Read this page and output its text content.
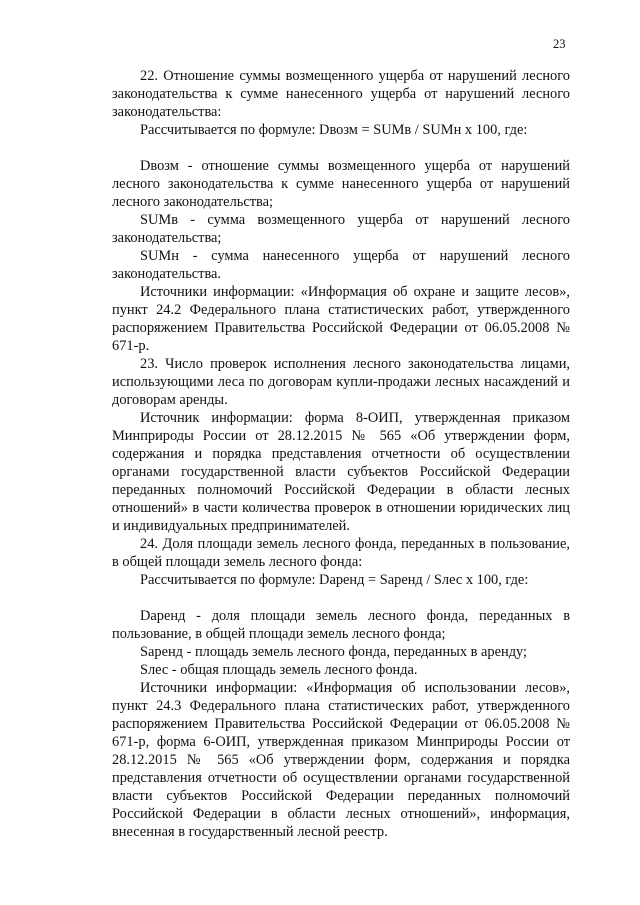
23

22. Отношение суммы возмещенного ущерба от нарушений лесного законодательства к сумме нанесенного ущерба от нарушений лесного законодательства:

Рассчитывается по формуле: Dвозм = SUMв / SUMн x 100, где:

Dвозм - отношение суммы возмещенного ущерба от нарушений лесного законодательства к сумме нанесенного ущерба от нарушений лесного законодательства;

SUMв - сумма возмещенного ущерба от нарушений лесного законодательства;

SUMн - сумма нанесенного ущерба от нарушений лесного законодательства.

Источники информации: «Информация об охране и защите лесов», пункт 24.2 Федерального плана статистических работ, утвержденного распоряжением Правительства Российской Федерации от 06.05.2008 № 671-р.

23. Число проверок исполнения лесного законодательства лицами, использующими леса по договорам купли-продажи лесных насаждений и договорам аренды.

Источник информации: форма 8-ОИП, утвержденная приказом Минприроды России от 28.12.2015 № 565 «Об утверждении форм, содержания и порядка представления отчетности об осуществлении органами государственной власти субъектов Российской Федерации переданных полномочий Российской Федерации в области лесных отношений» в части количества проверок в отношении юридических лиц и индивидуальных предпринимателей.

24. Доля площади земель лесного фонда, переданных в пользование, в общей площади земель лесного фонда:

Рассчитывается по формуле: Dаренд = Sаренд / Sлес x 100, где:

Dаренд - доля площади земель лесного фонда, переданных в пользование, в общей площади земель лесного фонда;

Sаренд - площадь земель лесного фонда, переданных в аренду;

Sлес - общая площадь земель лесного фонда.

Источники информации: «Информация об использовании лесов», пункт 24.3 Федерального плана статистических работ, утвержденного распоряжением Правительства Российской Федерации от 06.05.2008 № 671-р, форма 6-ОИП, утвержденная приказом Минприроды России от 28.12.2015 № 565 «Об утверждении форм, содержания и порядка представления отчетности об осуществлении органами государственной власти субъектов Российской Федерации переданных полномочий Российской Федерации в области лесных отношений», информация, внесенная в государственный лесной реестр.
